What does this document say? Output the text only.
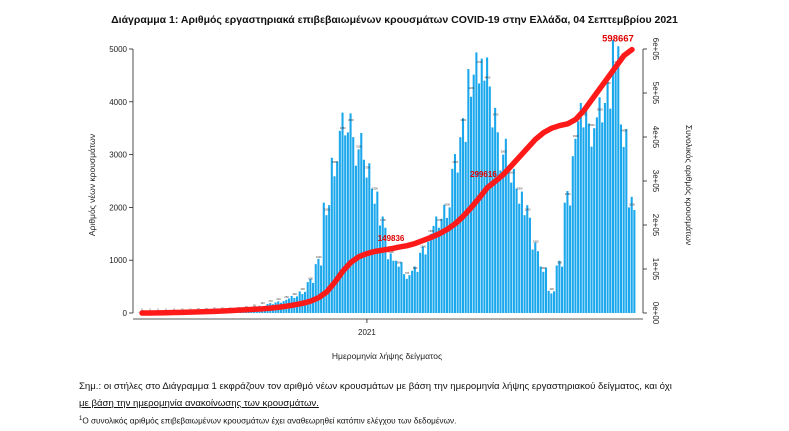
Διάγραμμα 1: Αριθμός εργαστηριακά επιβεβαιωμένων κρουσμάτων COVID-19 στην Ελλάδα, 04 Σεπτεμβρίου 2021
5	5	5	6	8 10 12 15 20 25 25 30 40 60
90
130
170
210
250
300
400
600
1000
1900
2800
3450
3600
3100
2700
2300
1700
1100
900
700
800
1200
1500
1700
2000
2800
3600
4200
4700
4400
3700
3000
2600
2300
1900
1300
800
400
900
2200
3300
3700
3500
3800
4300
4700
3400
2000
0
1000
2000
3000
4000
5000
0e+00
1e+05
2e+05
3e+05
4e+05
5e+05
6e+05
2021
149836
299616
598667
Ημερομηνία λήψης δείγματος
Αριθμός νέων κρουσμάτων	Συνολικός αριθμός κρουσμάτων
Σημ.: οι στήλες στο Διάγραμμα 1 εκφράζουν τον αριθμό νέων κρουσμάτων με βάση την ημερομηνία λήψης εργαστηριακού δείγματος, και όχι
με βάση την ημερομηνία ανακοίνωσης των κρουσμάτων.
$^1$Ο συνολικός αριθμός επιβεβαιωμένων κρουσμάτων έχει αναθεωρηθεί κατόπιν ελέγχου των δεδομένων.
